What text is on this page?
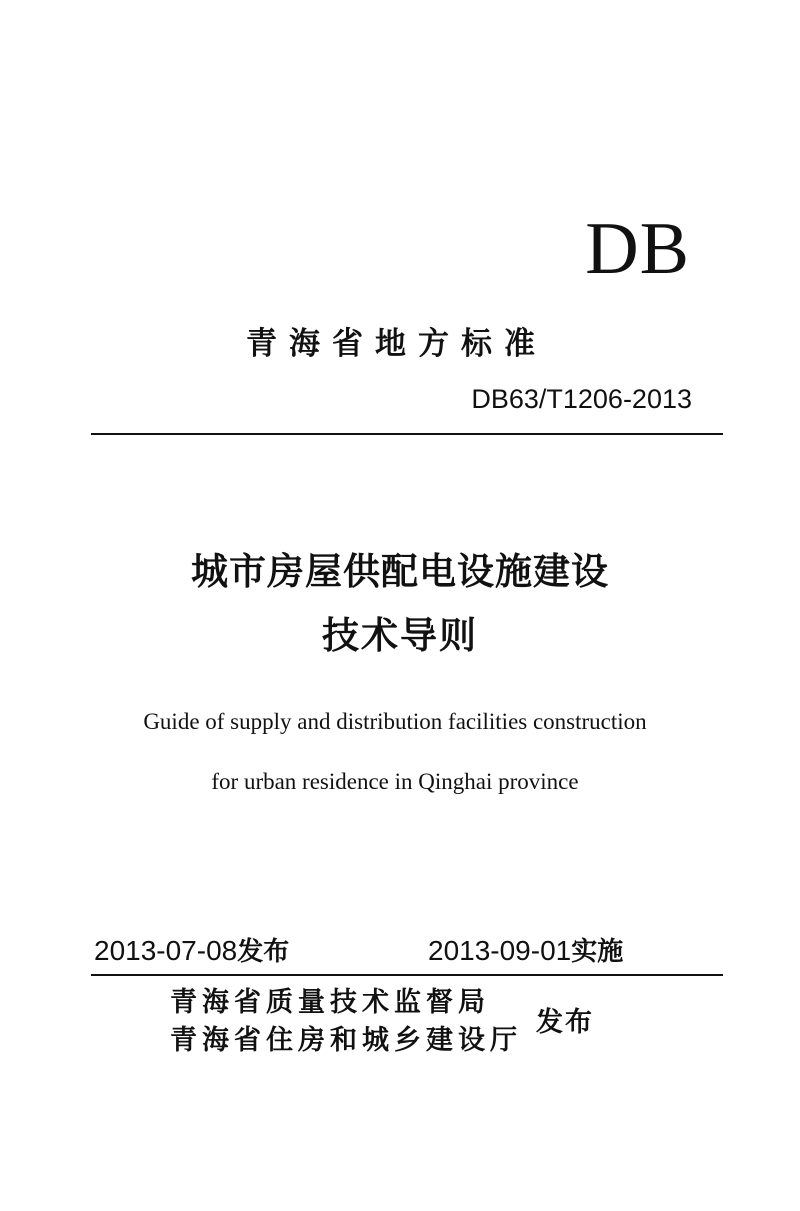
DB
青海省地方标准
DB63/T1206-2013
城市房屋供配电设施建设
技术导则
Guide of supply and distribution facilities construction
for urban residence in Qinghai province
2013-07-08发布	2013-09-01实施
青海省质量技术监督局
青海省住房和城乡建设厅
发布
